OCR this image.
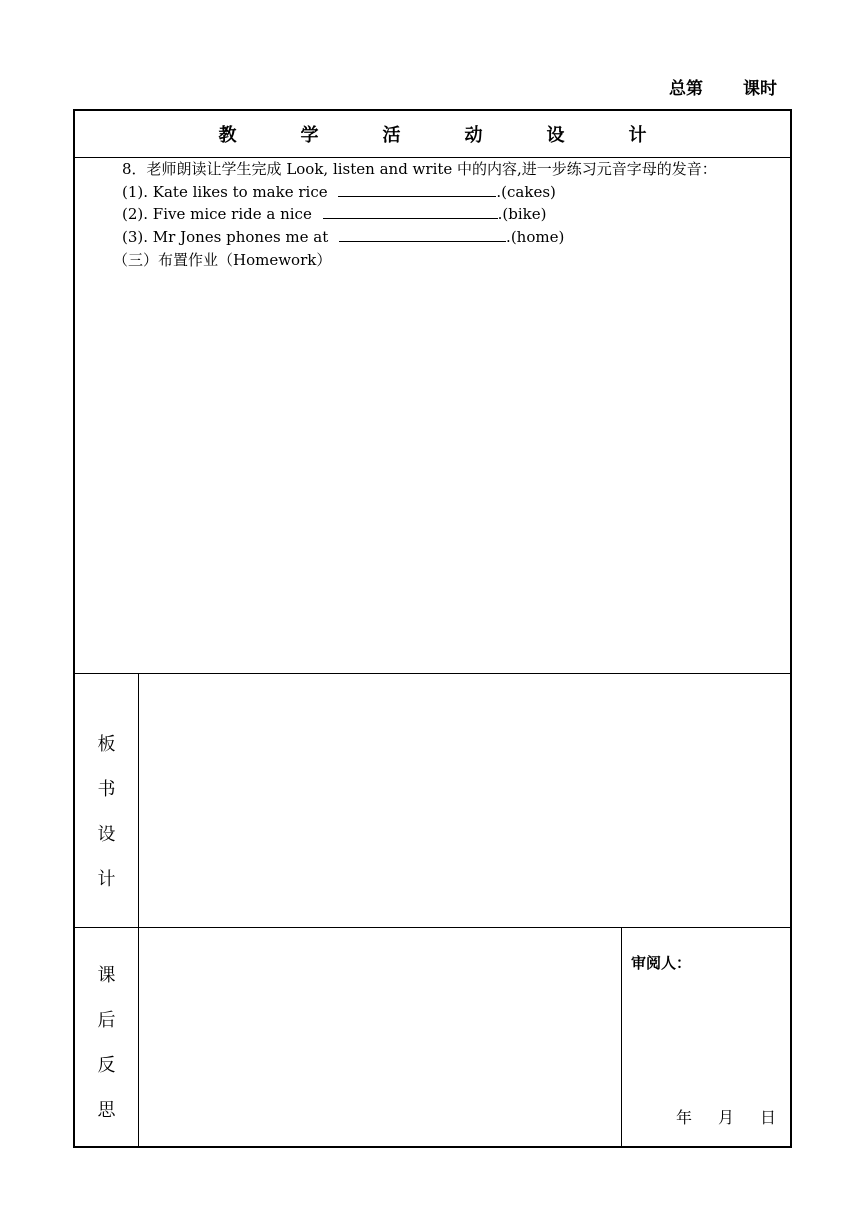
总第 课时
教	学	活	动	设	计
8．老师朗读让学生完成 Look, listen and write 中的内容,进一步练习元音字母的发音：
(1). Kate likes to make rice	.(cakes)
(2). Five mice ride a nice	.(bike)
(3). Mr Jones phones me at	.(home)
（三）布置作业（Homework）
板
书
设
计
课
后
反
思
审阅人：
年 月 日
